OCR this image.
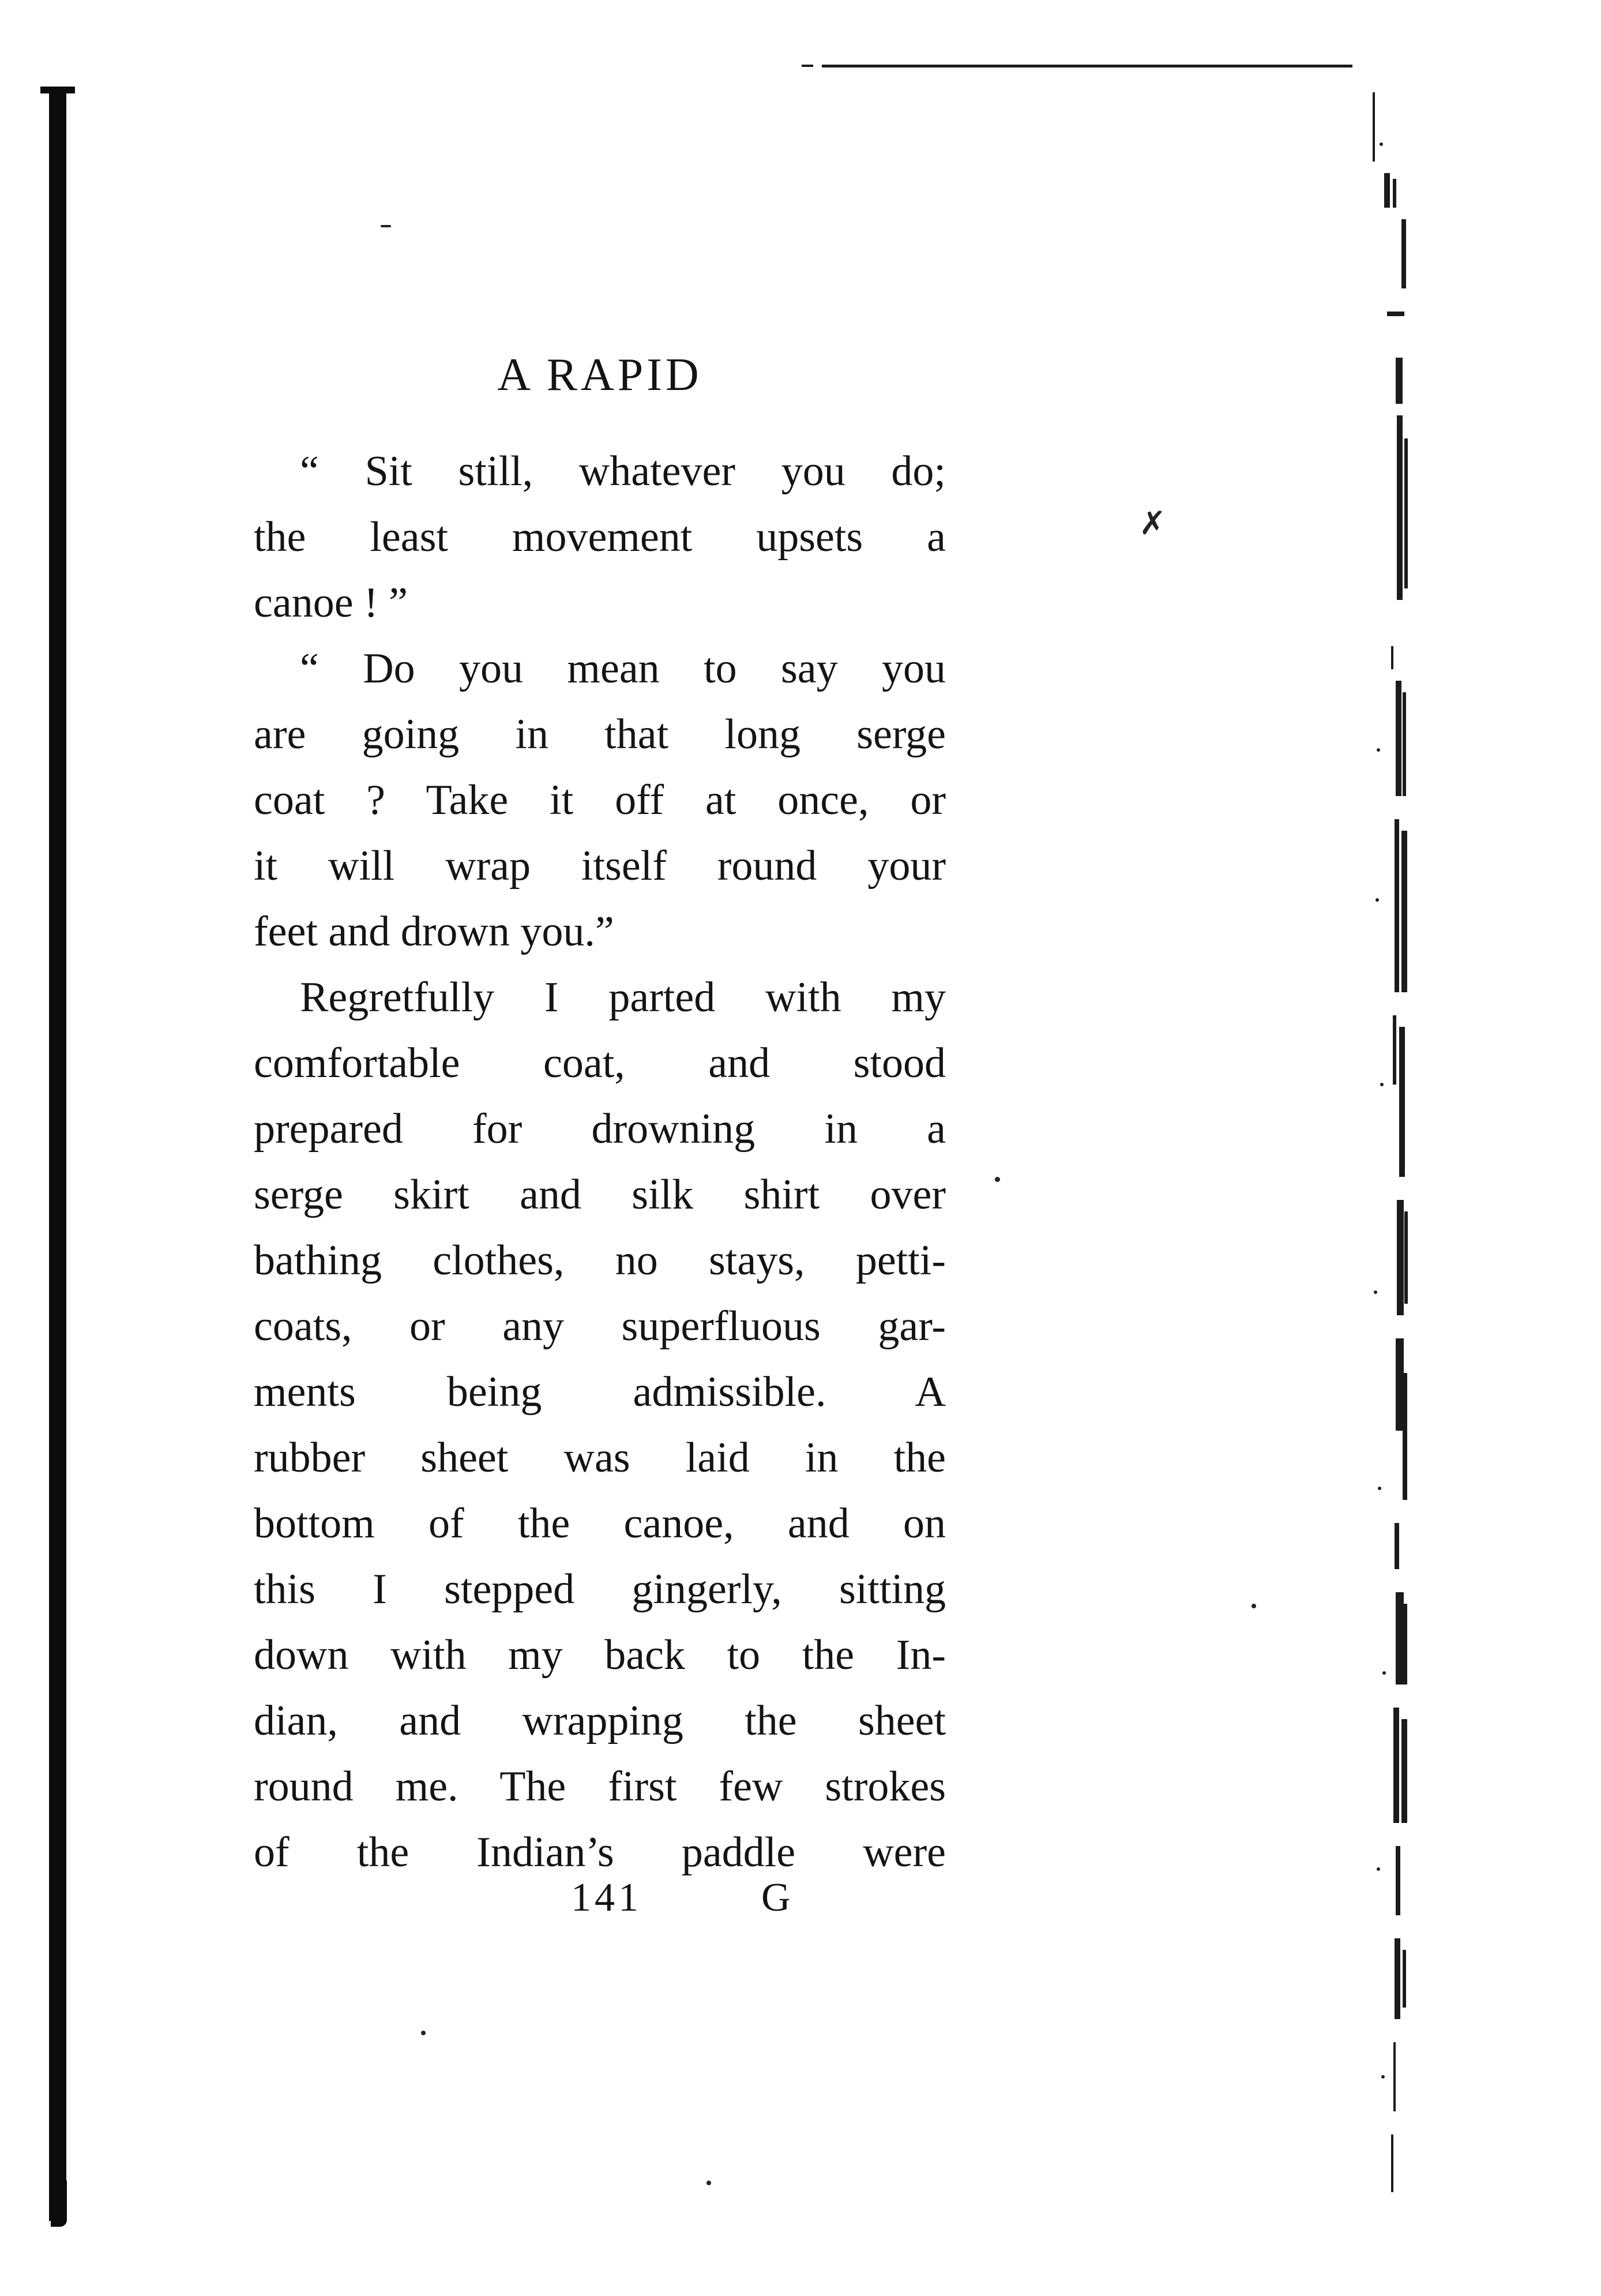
A RAPID
✗
“ Sit still, whatever you do;
the least movement upsets a
canoe ! ”
“ Do you mean to say you
are going in that long serge
coat ? Take it off at once, or
it will wrap itself round your
feet and drown you.”
Regretfully I parted with my
comfortable coat, and stood
prepared for drowning in a
serge skirt and silk shirt over
bathing clothes, no stays, petti-
coats, or any superfluous gar-
ments being admissible. A
rubber sheet was laid in the
bottom of the canoe, and on
this I stepped gingerly, sitting
down with my back to the In-
dian, and wrapping the sheet
round me. The first few strokes
of the Indian’s paddle were
141	G
